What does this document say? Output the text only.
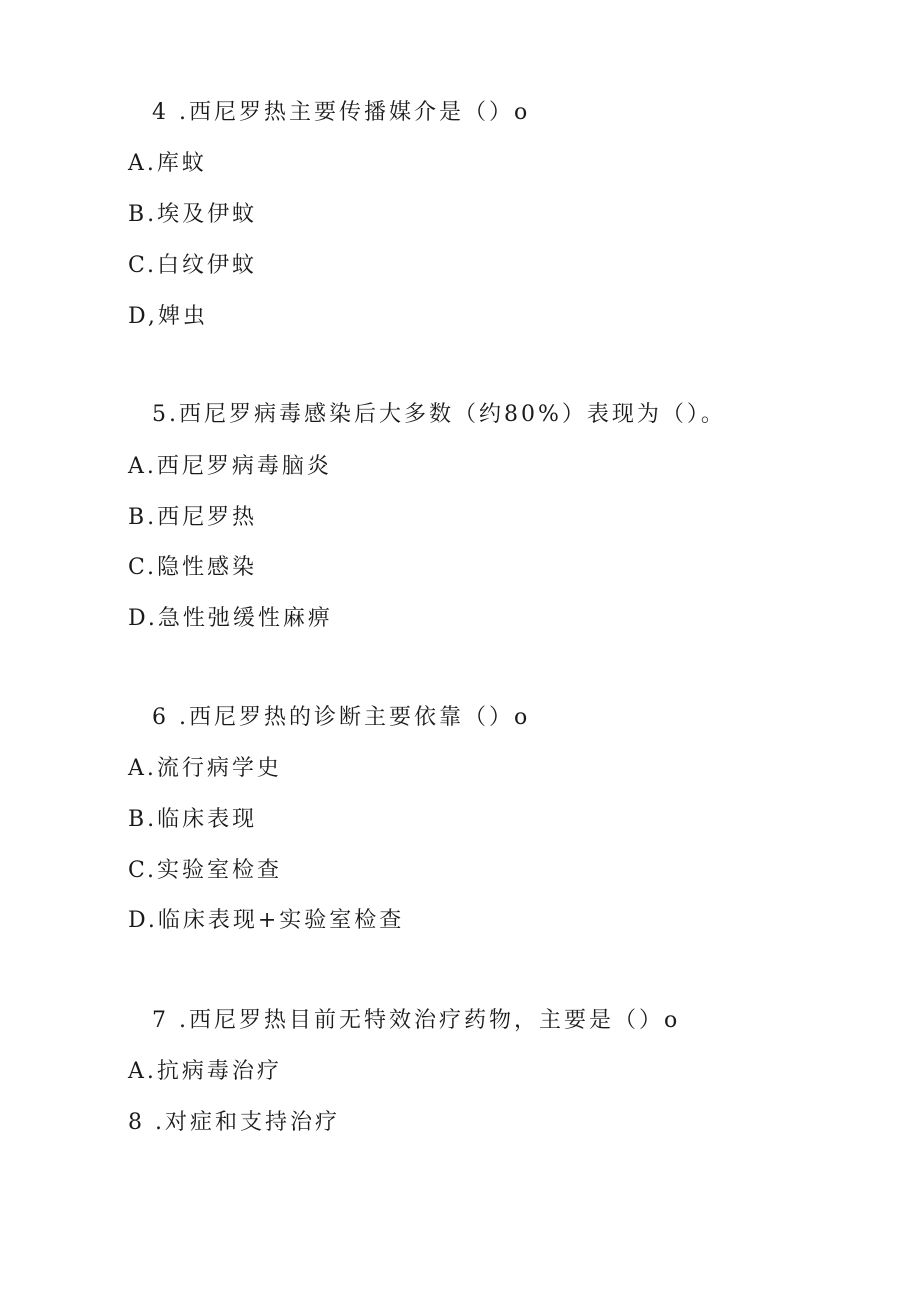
4 .西尼罗热主要传播媒介是（）o
A.库蚊
B.埃及伊蚊
C.白纹伊蚊
D,婢虫
5.西尼罗病毒感染后大多数（约80%）表现为（）。
A.西尼罗病毒脑炎
B.西尼罗热
C.隐性感染
D.急性弛缓性麻痹
6 .西尼罗热的诊断主要依靠（）o
A.流行病学史
B.临床表现
C.实验室检查
D.临床表现+实验室检查
7 .西尼罗热目前无特效治疗药物，主要是（）o
A.抗病毒治疗
8 .对症和支持治疗
